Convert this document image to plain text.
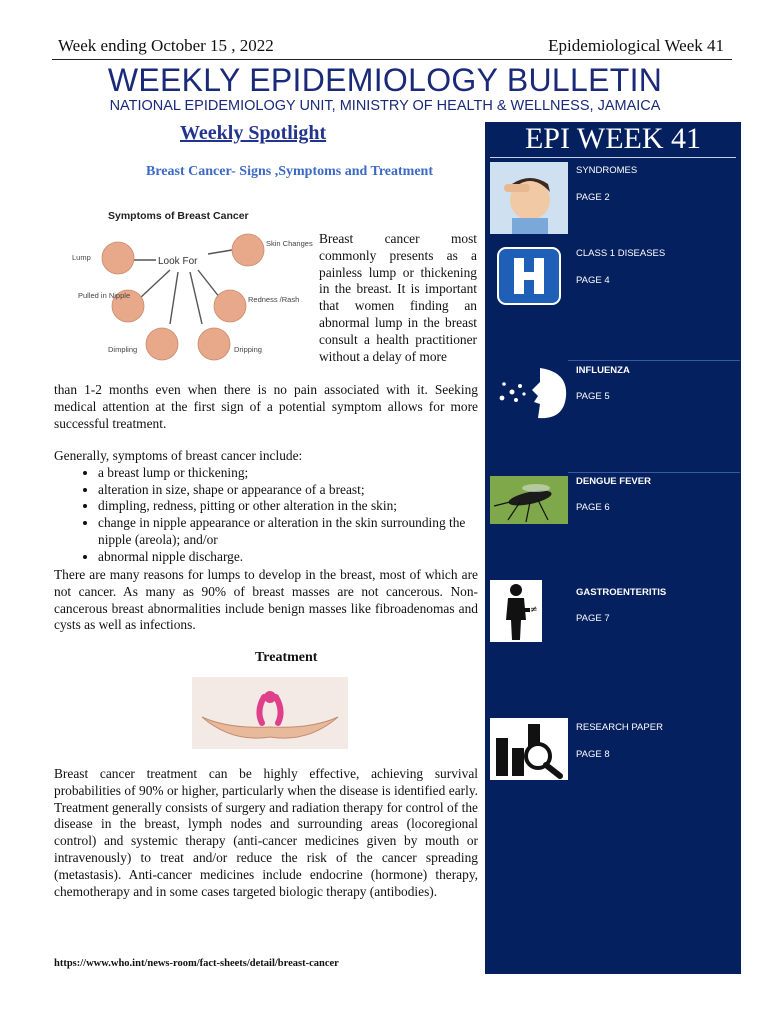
Week ending October 15 , 2022	Epidemiological Week 41
WEEKLY EPIDEMIOLOGY BULLETIN
NATIONAL EPIDEMIOLOGY UNIT, MINISTRY OF HEALTH & WELLNESS, JAMAICA
Weekly Spotlight
Breast Cancer- Signs ,Symptoms and Treatment
Symptoms of Breast Cancer
Look For
Lump
Skin Changes
Pulled in Nipple	Redness /Rash
Dimpling	Dripping
Breast cancer most commonly presents as a painless lump or thickening in the breast. It is important that women finding an abnormal lump in the breast consult a health practitioner without a delay of more
than 1-2 months even when there is no pain associated with it. Seeking medical attention at the first sign of a potential symptom allows for more successful treatment.
Generally, symptoms of breast cancer include:
• a breast lump or thickening;
• alteration in size, shape or appearance of a breast;
• dimpling, redness, pitting or other alteration in the skin;
• change in nipple appearance or alteration in the skin surrounding the nipple (areola); and/or
• abnormal nipple discharge.
There are many reasons for lumps to develop in the breast, most of which are not cancer. As many as 90% of breast masses are not cancerous. Non-cancerous breast abnormalities include benign masses like fibroadenomas and cysts as well as infections.
Treatment
Breast cancer treatment can be highly effective, achieving survival probabilities of 90% or higher, particularly when the disease is identified early. Treatment generally consists of surgery and radiation therapy for control of the disease in the breast, lymph nodes and surrounding areas (locoregional control) and systemic therapy (anti-cancer medicines given by mouth or intravenously) to treat and/or reduce the risk of the cancer spreading (metastasis). Anti-cancer medicines include endocrine (hormone) therapy, chemotherapy and in some cases targeted biologic therapy (antibodies).
https://www.who.int/news-room/fact-sheets/detail/breast-cancer
EPI WEEK 41
SYNDROMES
PAGE 2
CLASS 1 DISEASES
PAGE 4
INFLUENZA
PAGE 5
DENGUE FEVER
PAGE 6
≠
GASTROENTERITIS
PAGE 7
RESEARCH PAPER
PAGE 8
